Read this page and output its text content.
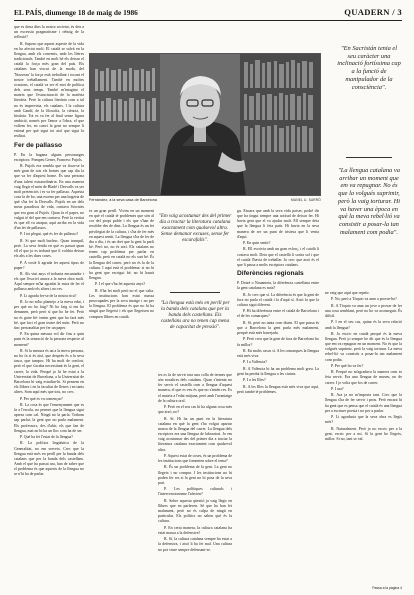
EL PAÍS, diumenge 18 de maig de 1986	QUADERN / 3

que es dona dins la nostra societat, és deu a un excessiu pragmatisme i rebuig de la reflexió?

R. Suposo que aquest aspecte de la vida en ha afectat molt. El català se salvà en la llengua, amb els convents, amb les lletres tradicionals. També en molt bé els deixar el català la força més gran del país. Els catalans han viscut de la moda, del 'Nouveau' la força està treballant i tocant el nostre treballament. També en moltes ocasions, el català va ser el mot de política dels seus temps. També m'imagino el mateix que l'estructuració de la matèria literària. Però la cultura literària com a tal no és imprevista, els catalans. I la cultura amb Gaudí, de la filosofia, la ciència, la història. Tot es va fer al final sense figura ambició, només per l'amor a l'obra, el que volíem fer, en canvi la gent no sempre li estimà per què sigui tot així que sigui la realitat.

Fer de pallasso

P. En la bagana alguns personatges escriptors: Pompeu Gener, Francesc Pujols.

R. Pujols era sembla que va fixar-se la més gran de tots els homes que cap dia la que va fer d'aquest home. És una persona d'una talent extraordinària. En una manera vaig llegir el món de Bladé i Desvalls va ser molt pretenciós i es va fer pallasso. Aquesta cosa fa de bo, una escena per una bogeria de què s'ha fet la Desvalls. Pujols en un dels meus paradisos de vida, contava Sócrates que era gran al Pujols. Quan fa el paper, no vulgui té del que em contava. Però la veritat és que ell va atrapar, aquí arriba en la vida d'un fet de pallassos.

P. I tot plegat, què és fer de pallasso?

R. Si que molt burlesc. Quan tranquil, però. La seva ferida en què es passat quan ell el que jo es trobarà que li voldria deixar els alts a les dues coses.

P. A vostè li agrada fer aquest tipus de paper?

R. Als vint anys el trobaria encantador i els que l'escriví anava a la meva obra molt. Aquí sempre m'ha agradat la mica de fer el pallasso amb els altres i no res.

P. Li agrada fer-se de la nostra rica?

R. Jo no m'ho plantejo a la meva edat, i per què no ho faig? Ni ho faig si em ho demanen, però però sí que ho he fet. Però no és gaire bé: tenim gent que ho farà més bé, que faci el gran teatre del món. Però no tinc personalitat per fer un paper.

P. En quina mesura vol dir fins a quin punt és la sensació de la persona respecte al moment?

R. Si la mesura és un a la meva persona, no ho fa si és així, que després és a la seva tasca, que tampoc. Hi ha molt de confort, però el que s'acaba necessitant és la gent, el carrer, la vida. Perquè jo hi he estat a la Universitat de Barcelona, a la Universitat de Barcelona hi vaig estudiar-hi. Si pensem en els llibres i en la facultat de lletres i en tants altres. Som aquí més que tots, no crec.

P. Per què es va començar?

R. La cosa és que l'ensenyament que es fa a l'escola, no permet que la llengua sigui apresa com cal. Ningú no la parla. Tothom sap parlar, la gent que no parla malament. Els professors, des d'ahir, els que fan de llengua, mai no hi ha un lloc com ha de ser.

P. Què ha fet l'estat de la llengua?

R. La política lingüística de la Generalitat, no em serveix. Crec que la llengua està més en perill per la banda dels catalans que per la banda dels castellans. Amb el que ha passat ara, han de saber que el problema és que aquests de la llengua no se n'hi ha de parlar.

Fernàndez, a la seva casa de Barcelona	MANEL U. SARRÓ
"En Sacristán tenia el seu caràcter una inclinació fortíssima cap a la funció de manipulador de la consciència".
"La llengua catalana va arribar un moment que em va repugnar. No és que la volgués suprimir, però la vaig torturar. Hi va haver una època en què la meva rebel·lió va consistir a posar-la tan malament com podia".

es un gran perill. Vivim en un moment en què el català té problemes que són al cor del propi poble i els que s'han de resoldre des de dins. La llengua és un fet privilegiat de la cultura, i s'ha de fer més en aquest sentit. La llengua s'ha de fer de dia a dia, i és un dret que la gent la parli bé. Però no, no és així. Els catalans no tenen cap problema per parlar en castellà, però en català no els surt bé. És la llengua del carrer, però no és la de la cultura. I aquí està el problema: si no hi ha gent que escrigui bé, no hi haurà llengua.

P. I el que s'ha fet aquests anys?

R. S'ha fet molt però no el que calia. Les institucions han estat massa preocupades per la seva imatge i no per la llengua. El problema és que no hi ha ningú que llegeixi i els que llegeixen no compren llibres en català.

"Em vaig acostumar des del primer dia a tractar la literatura catalana exactament com qualsevol altra. Sense demanar excuses, sense fer escarafalls".
"La llengua està més en perill per la banda dels catalans que per la banda dels castellans. Els castellans ara no tenen cap mena de capacitat de pressió".

tes es fa de servir tota una colla de termes que són nosaltres dels catalans. Quan s'intenta no fer servir el castellà com a llengua d'aquest manera, el que es veu és que no s'entén res. Es el mateix a l'edat mitjana, però amb l'avantatge de la cultura oral.

P. Però en el seu cas hi ha alguna cosa més que això, no?

R. Sí. Hi ha un punt en la literatura catalana en què la gent s'ha volgut apartar massa de la llengua del carrer. La llengua dels escriptors era una llengua de laboratori. Jo em vaig acostumar des del primer dia a tractar la literatura catalana exactament com qualsevol altra.

P. Aquest estat de coses, és un problema de les institucions que fomenten sobre el tema?

R. És un problema de la gent. La gent no llegeix i no compra. I les institucions no hi poden fer res si la gent no hi posa de la seva part.

P. Les polítiques culturals i l'intervencionisme l'afecten?

R. Sobre aquesta qüestió ja vaig llegir en llibres que en parlaven. Sé que ho han fet malament, però no és culpa de ningú en particular. Els polítics no saben què és la cultura.

P. En certa manera, la cultura catalana ha estat massa a la defensiva?

R. Sí, la cultura catalana sempre ha estat a la defensiva, i això li ha fet mal. Una cultura no pot viure sempre defensant-se.

gu. Encara que amb la seva vida potser, podré dir que ha tingut sempre una actitud de deixar fer. Hi havia gent que el va ajudar molt. Ell sempre deia que la llengua li feia patir. Hi havia en la seva manera de ser un punt de tristesa que li venia d'aquí.

P. En quin sentit?

R. Ell escrivia amb un gran esforç, i el català li costava molt. Deia que el castellà li sortia sol i que el català l'havia de treballar. Jo crec que això és el que li passa a molts escriptors catalans.

Diferències regionals

P. Dotzè o Nouanteta, la diferència castellana entre la gent catalana es nota?

R. Jo crec que sí. La diferència és que la gent de fora no parla el català i la d'aquí sí. Això fa que la cultura sigui diferent.

P. Hi ha diferència entre el català de Barcelona i el de les comarques?

R. Sí, però no tanta com diuen. El que passa és que a Barcelona la gent parla més malament, perquè està més barrejada.

P. Però creu que la gent de fora de Barcelona ho fa millor?

R. En molts casos sí. A les comarques la llengua està més viva.

P. I a València?

R. A València hi ha un problema molt greu. La gent ha perdut la llengua a les ciutats.

P. I a les Illes?

R. A les Illes la llengua està més viva que aquí, però també té problemes.

ne vaig que aquí que repetir.

P. No, però a Tòquio va anar a provar-ho?

R. A Tòquio va anar un jove a provar de fer una cosa semblant, però no ho va aconseguir. És difícil.

P. I en el seu cas, quina és la seva relació amb la llengua?

R. Jo escric en català perquè és la meva llengua. Però jo sempre he dit que és la llengua que em va repugnar en un moment. No és que la volgués suprimir, però la vaig torturar. La meva rebel·lió va consistir a posar-la tan malament com podia.

P. Per què ho va fer?

R. Perquè no m'agradava la manera com es feia servir. Era una llengua de museu, no de carrer. I jo volia que fos de carrer.

P. I ara?

R. Ara ja no m'importa tant. Crec que la llengua s'ha de fer servir i prou. Però encara hi ha gent que es pensa que el català és una llengua per a escriure poesia i no per a parlar.

P. Li agradaria que la seva obra es llegís més?

R. Naturalment. Però jo no escric per a la gent, escric per a mi. Si la gent ho llegeix, millor. Si no, tant se val.

Passa a la pàgina 4
